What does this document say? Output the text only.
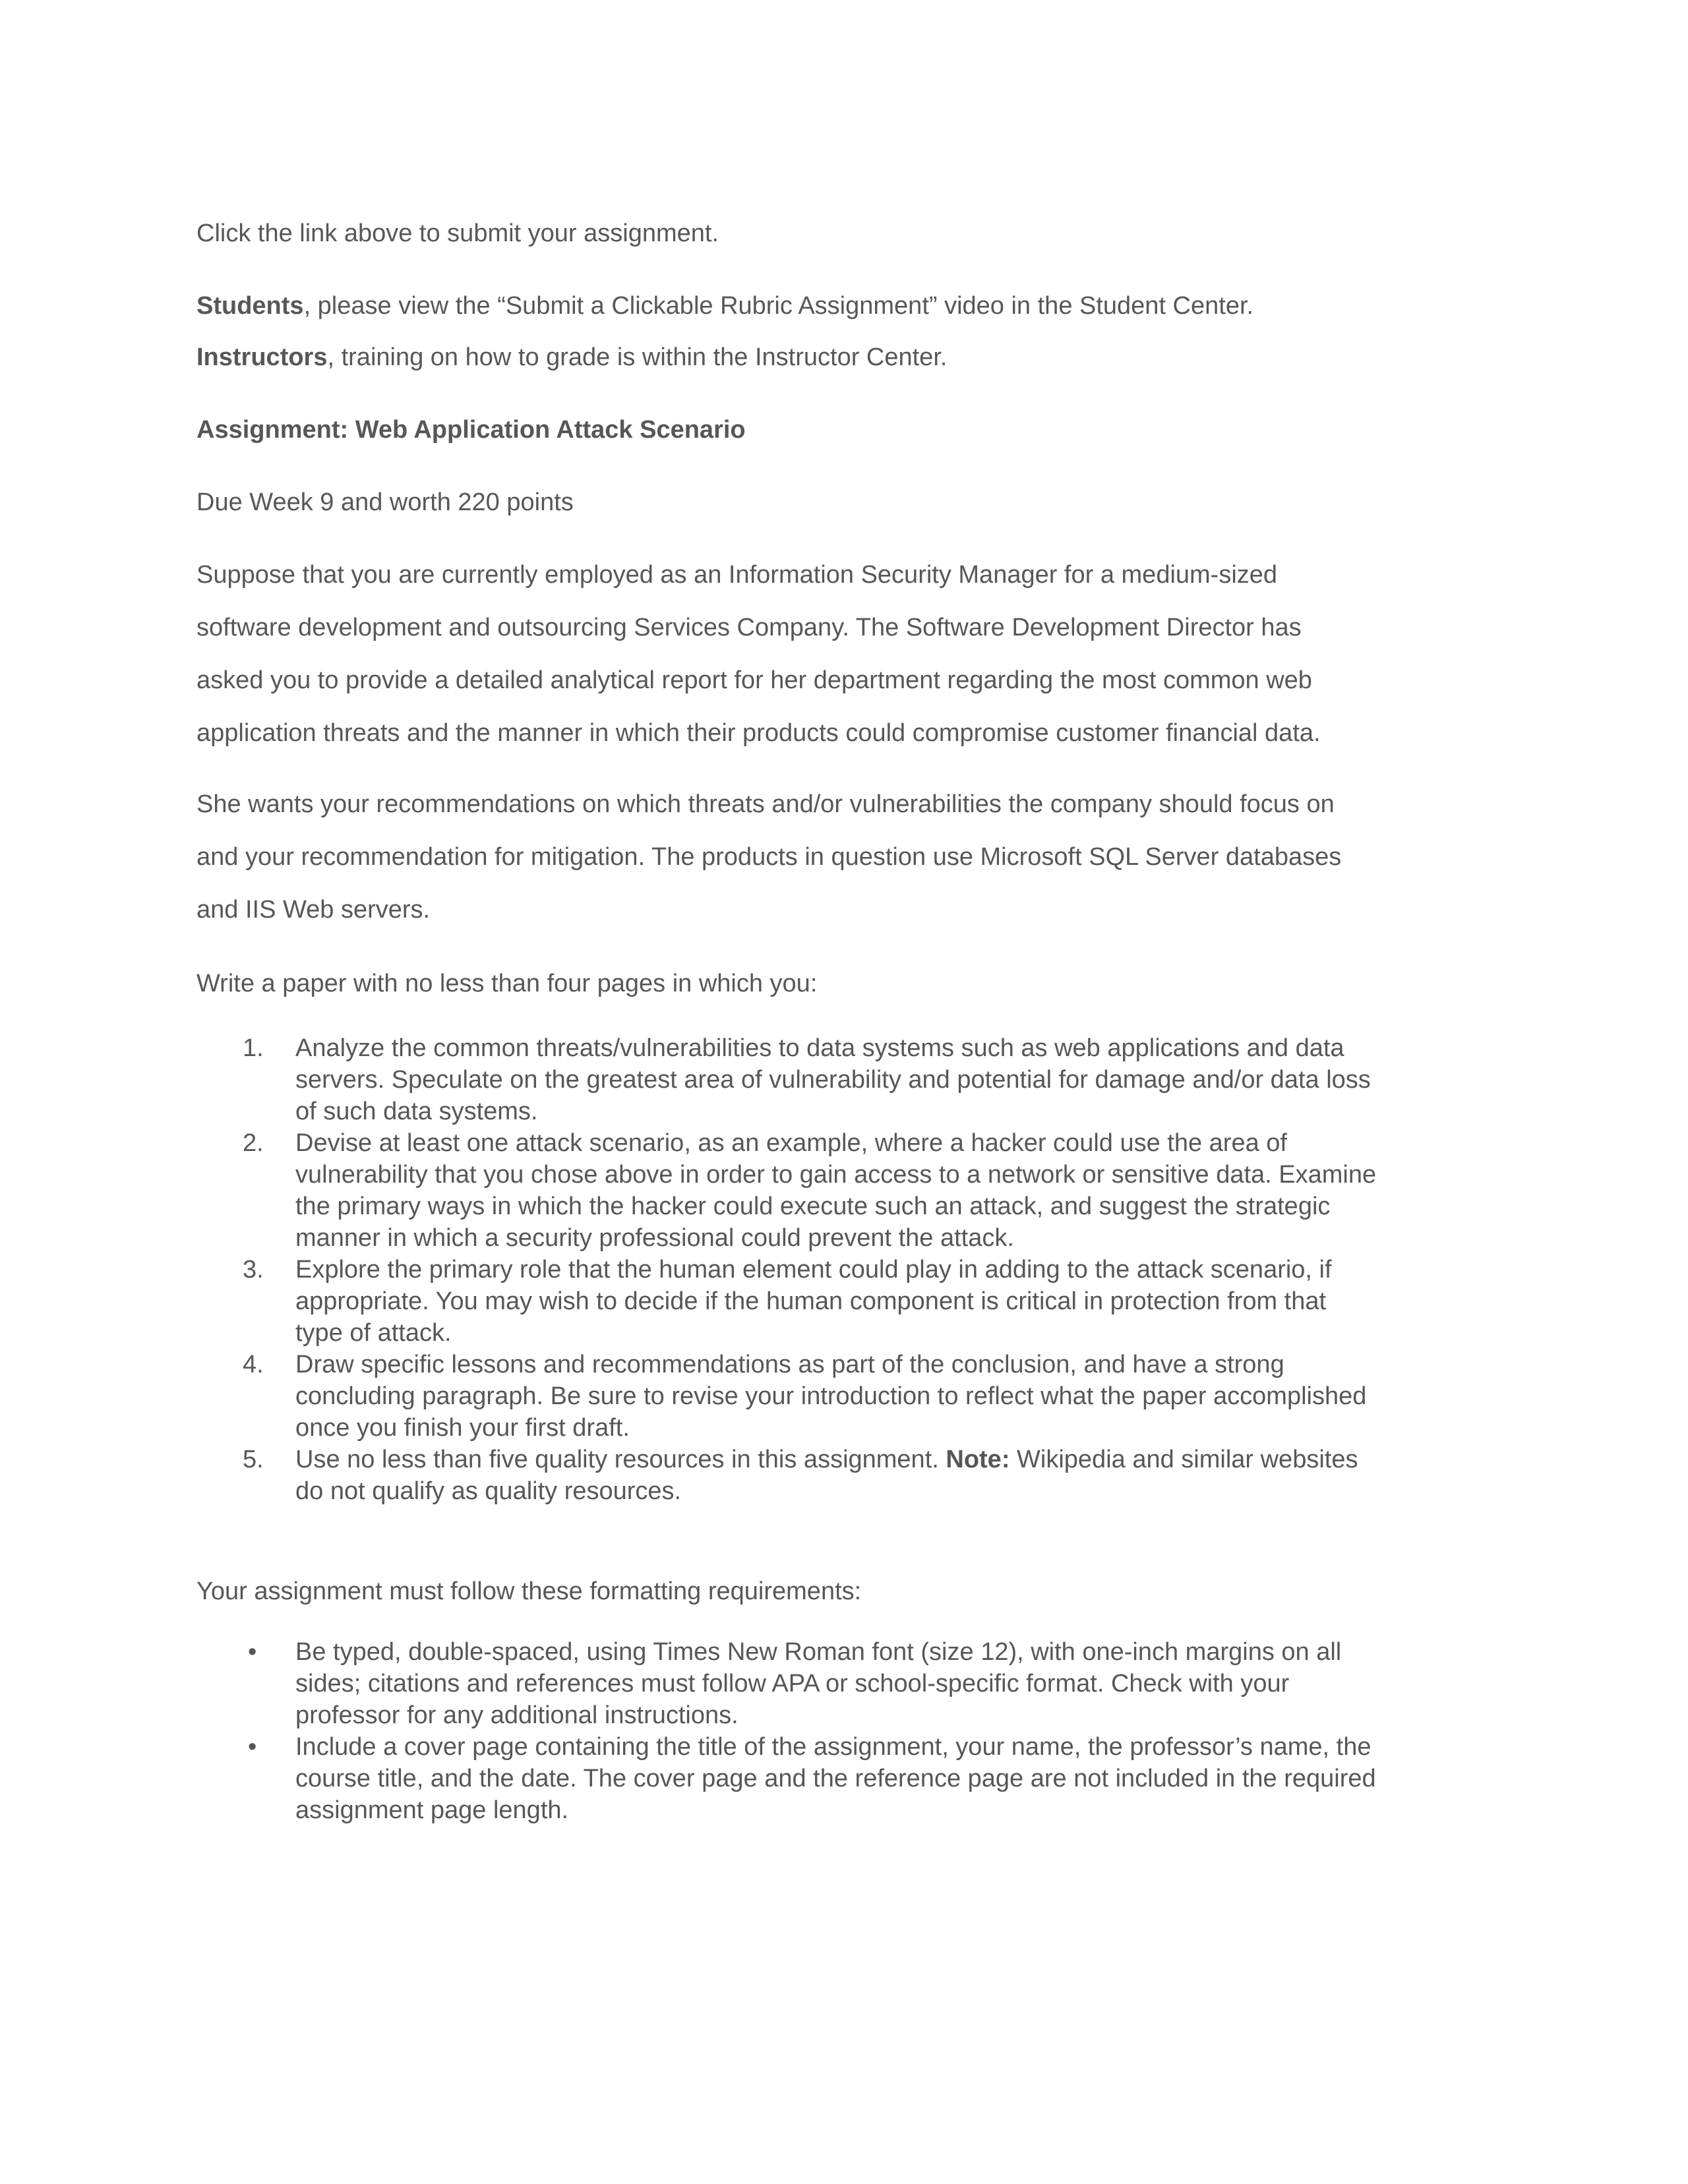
Click the link above to submit your assignment.

Students, please view the “Submit a Clickable Rubric Assignment” video in the Student Center.

Instructors, training on how to grade is within the Instructor Center.

Assignment: Web Application Attack Scenario

Due Week 9 and worth 220 points

Suppose that you are currently employed as an Information Security Manager for a medium-sized
software development and outsourcing Services Company. The Software Development Director has
asked you to provide a detailed analytical report for her department regarding the most common web
application threats and the manner in which their products could compromise customer financial data.
She wants your recommendations on which threats and/or vulnerabilities the company should focus on
and your recommendation for mitigation. The products in question use Microsoft SQL Server databases
and IIS Web servers.

Write a paper with no less than four pages in which you:

1.	Analyze the common threats/vulnerabilities to data systems such as web applications and data
servers. Speculate on the greatest area of vulnerability and potential for damage and/or data loss
of such data systems.
2.	Devise at least one attack scenario, as an example, where a hacker could use the area of
vulnerability that you chose above in order to gain access to a network or sensitive data. Examine
the primary ways in which the hacker could execute such an attack, and suggest the strategic
manner in which a security professional could prevent the attack.
3.	Explore the primary role that the human element could play in adding to the attack scenario, if
appropriate. You may wish to decide if the human component is critical in protection from that
type of attack.
4.	Draw specific lessons and recommendations as part of the conclusion, and have a strong
concluding paragraph. Be sure to revise your introduction to reflect what the paper accomplished
once you finish your first draft.
5.	Use no less than five quality resources in this assignment. Note: Wikipedia and similar websites
do not qualify as quality resources.

Your assignment must follow these formatting requirements:

•	Be typed, double-spaced, using Times New Roman font (size 12), with one-inch margins on all
sides; citations and references must follow APA or school-specific format. Check with your
professor for any additional instructions.
•	Include a cover page containing the title of the assignment, your name, the professor’s name, the
course title, and the date. The cover page and the reference page are not included in the required
assignment page length.
